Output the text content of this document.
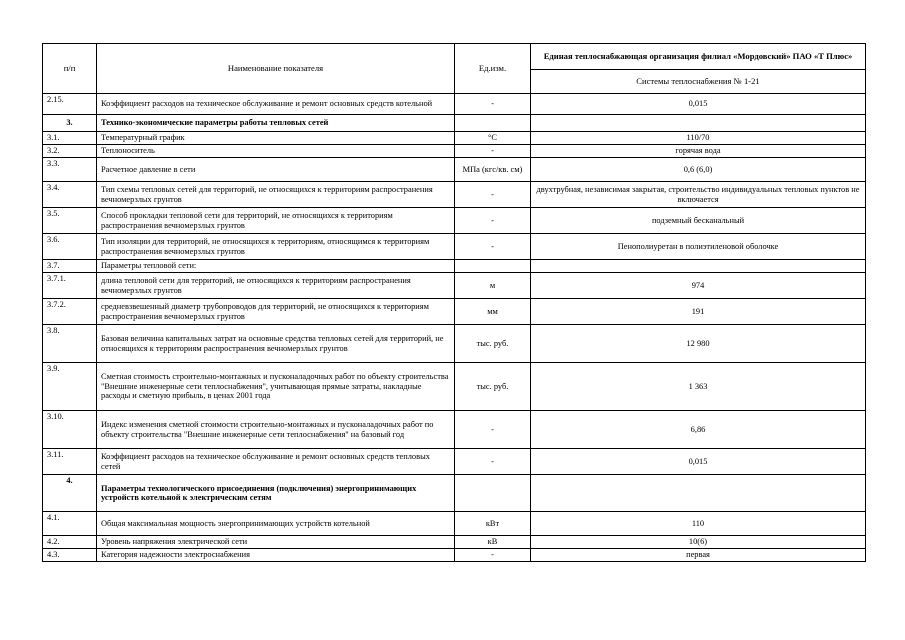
п/п	Наименование показателя	Ед.изм.	Единая теплоснабжающая организация филиал «Мордовский» ПАО «Т Плюс»
			Системы теплоснабжения № 1-21
2.15.	Коэффициент расходов на техническое обслуживание и ремонт основных средств котельной	-	0,015
3.	Технико-экономические параметры работы тепловых сетей		
3.1.	Температурный график	°С	110/70
3.2.	Теплоноситель	-	горячая вода
3.3.	Расчетное давление в сети	МПа (кгс/кв. см)	0,6 (6,0)
3.4.	Тип схемы тепловых сетей для территорий, не относящихся к территориям распространения вечномерзлых грунтов	-	двухтрубная, независимая закрытая, строительство индивидуальных тепловых пунктов не включается
3.5.	Способ прокладки тепловой сети для территорий, не относящихся к территориям распространения вечномерзлых грунтов	-	подземный бесканальный
3.6.	Тип изоляции для территорий, не относящихся к территориям, относящимся к территориям распространения вечномерзлых грунтов	-	Пенополиуретан в полиэтиленовой оболочке
3.7.	Параметры тепловой сети:		
3.7.1.	длина тепловой сети для территорий, не относящихся к территориям распространения вечномерзлых грунтов	м	974
3.7.2.	средневзвешенный диаметр трубопроводов для территорий, не относящихся к территориям распространения вечномерзлых грунтов	мм	191
3.8.	Базовая величина капитальных затрат на основные средства тепловых сетей для территорий, не относящихся к территориям распространения вечномерзлых грунтов	тыс. руб.	12 980
3.9.	Сметная стоимость строительно-монтажных и пусконаладочных работ по объекту строительства "Внешние инженерные сети теплоснабжения", учитывающая прямые затраты, накладные расходы и сметную прибыль, в ценах 2001 года	тыс. руб.	1 363
3.10.	Индекс изменения сметной стоимости строительно-монтажных и пусконаладочных работ по объекту строительства "Внешние инженерные сети теплоснабжения" на базовый год	-	6,86
3.11.	Коэффициент расходов на техническое обслуживание и ремонт основных средств тепловых сетей	-	0,015
4.	Параметры технологического присоединения (подключения) энергопринимающих устройств котельной к электрическим сетям		
4.1.	Общая максимальная мощность энергопринимающих устройств котельной	кВт	110
4.2.	Уровень напряжения электрической сети	кВ	10(6)
4.3.	Категория надежности электроснабжения	-	первая
